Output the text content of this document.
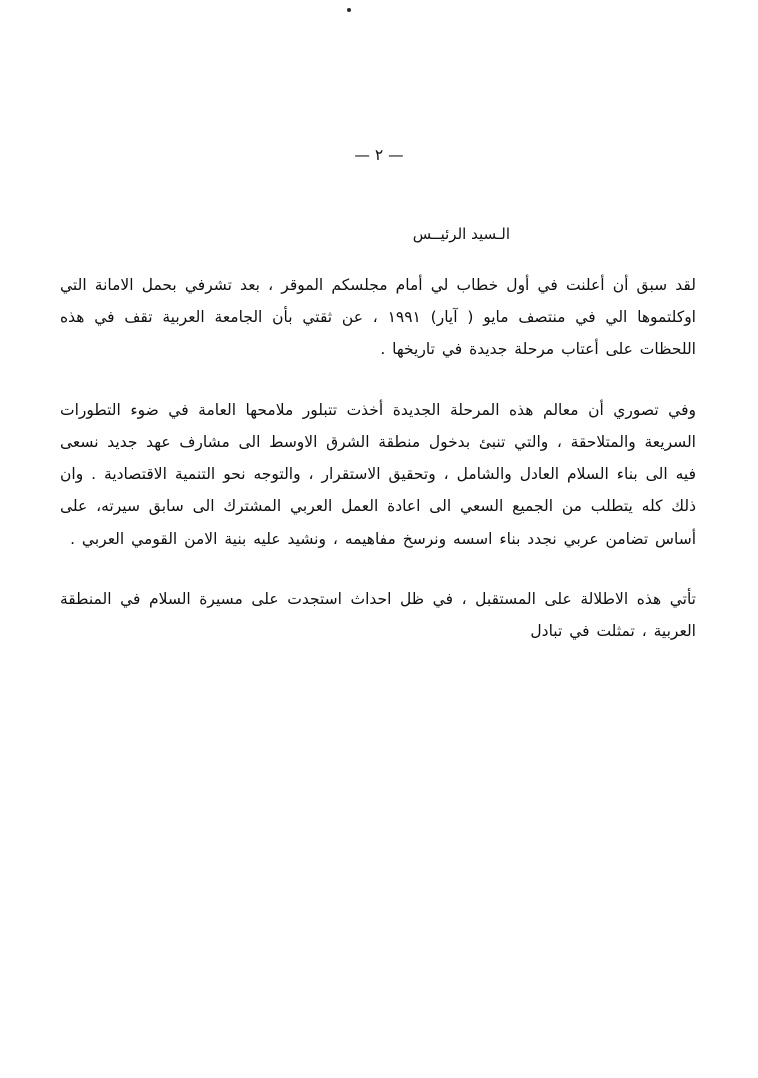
— ٢ —
الـسيد الرئيــس

لقد سبق أن أعلنت في أول خطاب لي أمام مجلسكم الموقر ، بعد تشرفي بحمل الامانة التي اوكلتموها الي في منتصف مايو ( آيار) ١٩٩١ ، عن ثقتي بأن الجامعة العربية تقف في هذه اللحظات على أعتاب مرحلة جديدة في تاريخها .

وفي تصوري أن معالم هذه المرحلة الجديدة أخذت تتبلور ملامحها العامة في ضوء التطورات السريعة والمتلاحقة ، والتي تنبئ بدخول منطقة الشرق الاوسط الى مشارف عهد جديد نسعى فيه الى بناء السلام العادل والشامل ، وتحقيق الاستقرار ، والتوجه نحو التنمية الاقتصادية . وان ذلك كله يتطلب من الجميع السعي الى اعادة العمل العربي المشترك الى سابق سيرته، على أساس تضامن عربي نجدد بناء اسسه ونرسخ مفاهيمه ، ونشيد عليه بنية الامن القومي العربي .

تأتي هذه الاطلالة على المستقبل ، في ظل احداث استجدت على مسيرة السلام في المنطقة العربية ، تمثلت في تبادل
